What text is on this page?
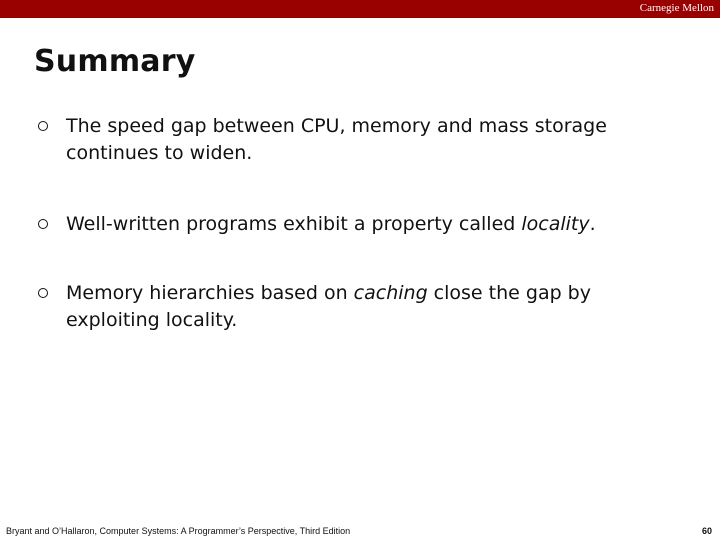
Carnegie Mellon
Summary
The speed gap between CPU, memory and mass storage continues to widen.
Well-written programs exhibit a property called locality.
Memory hierarchies based on caching close the gap by exploiting locality.
Bryant and O’Hallaron, Computer Systems: A Programmer’s Perspective, Third Edition	60
